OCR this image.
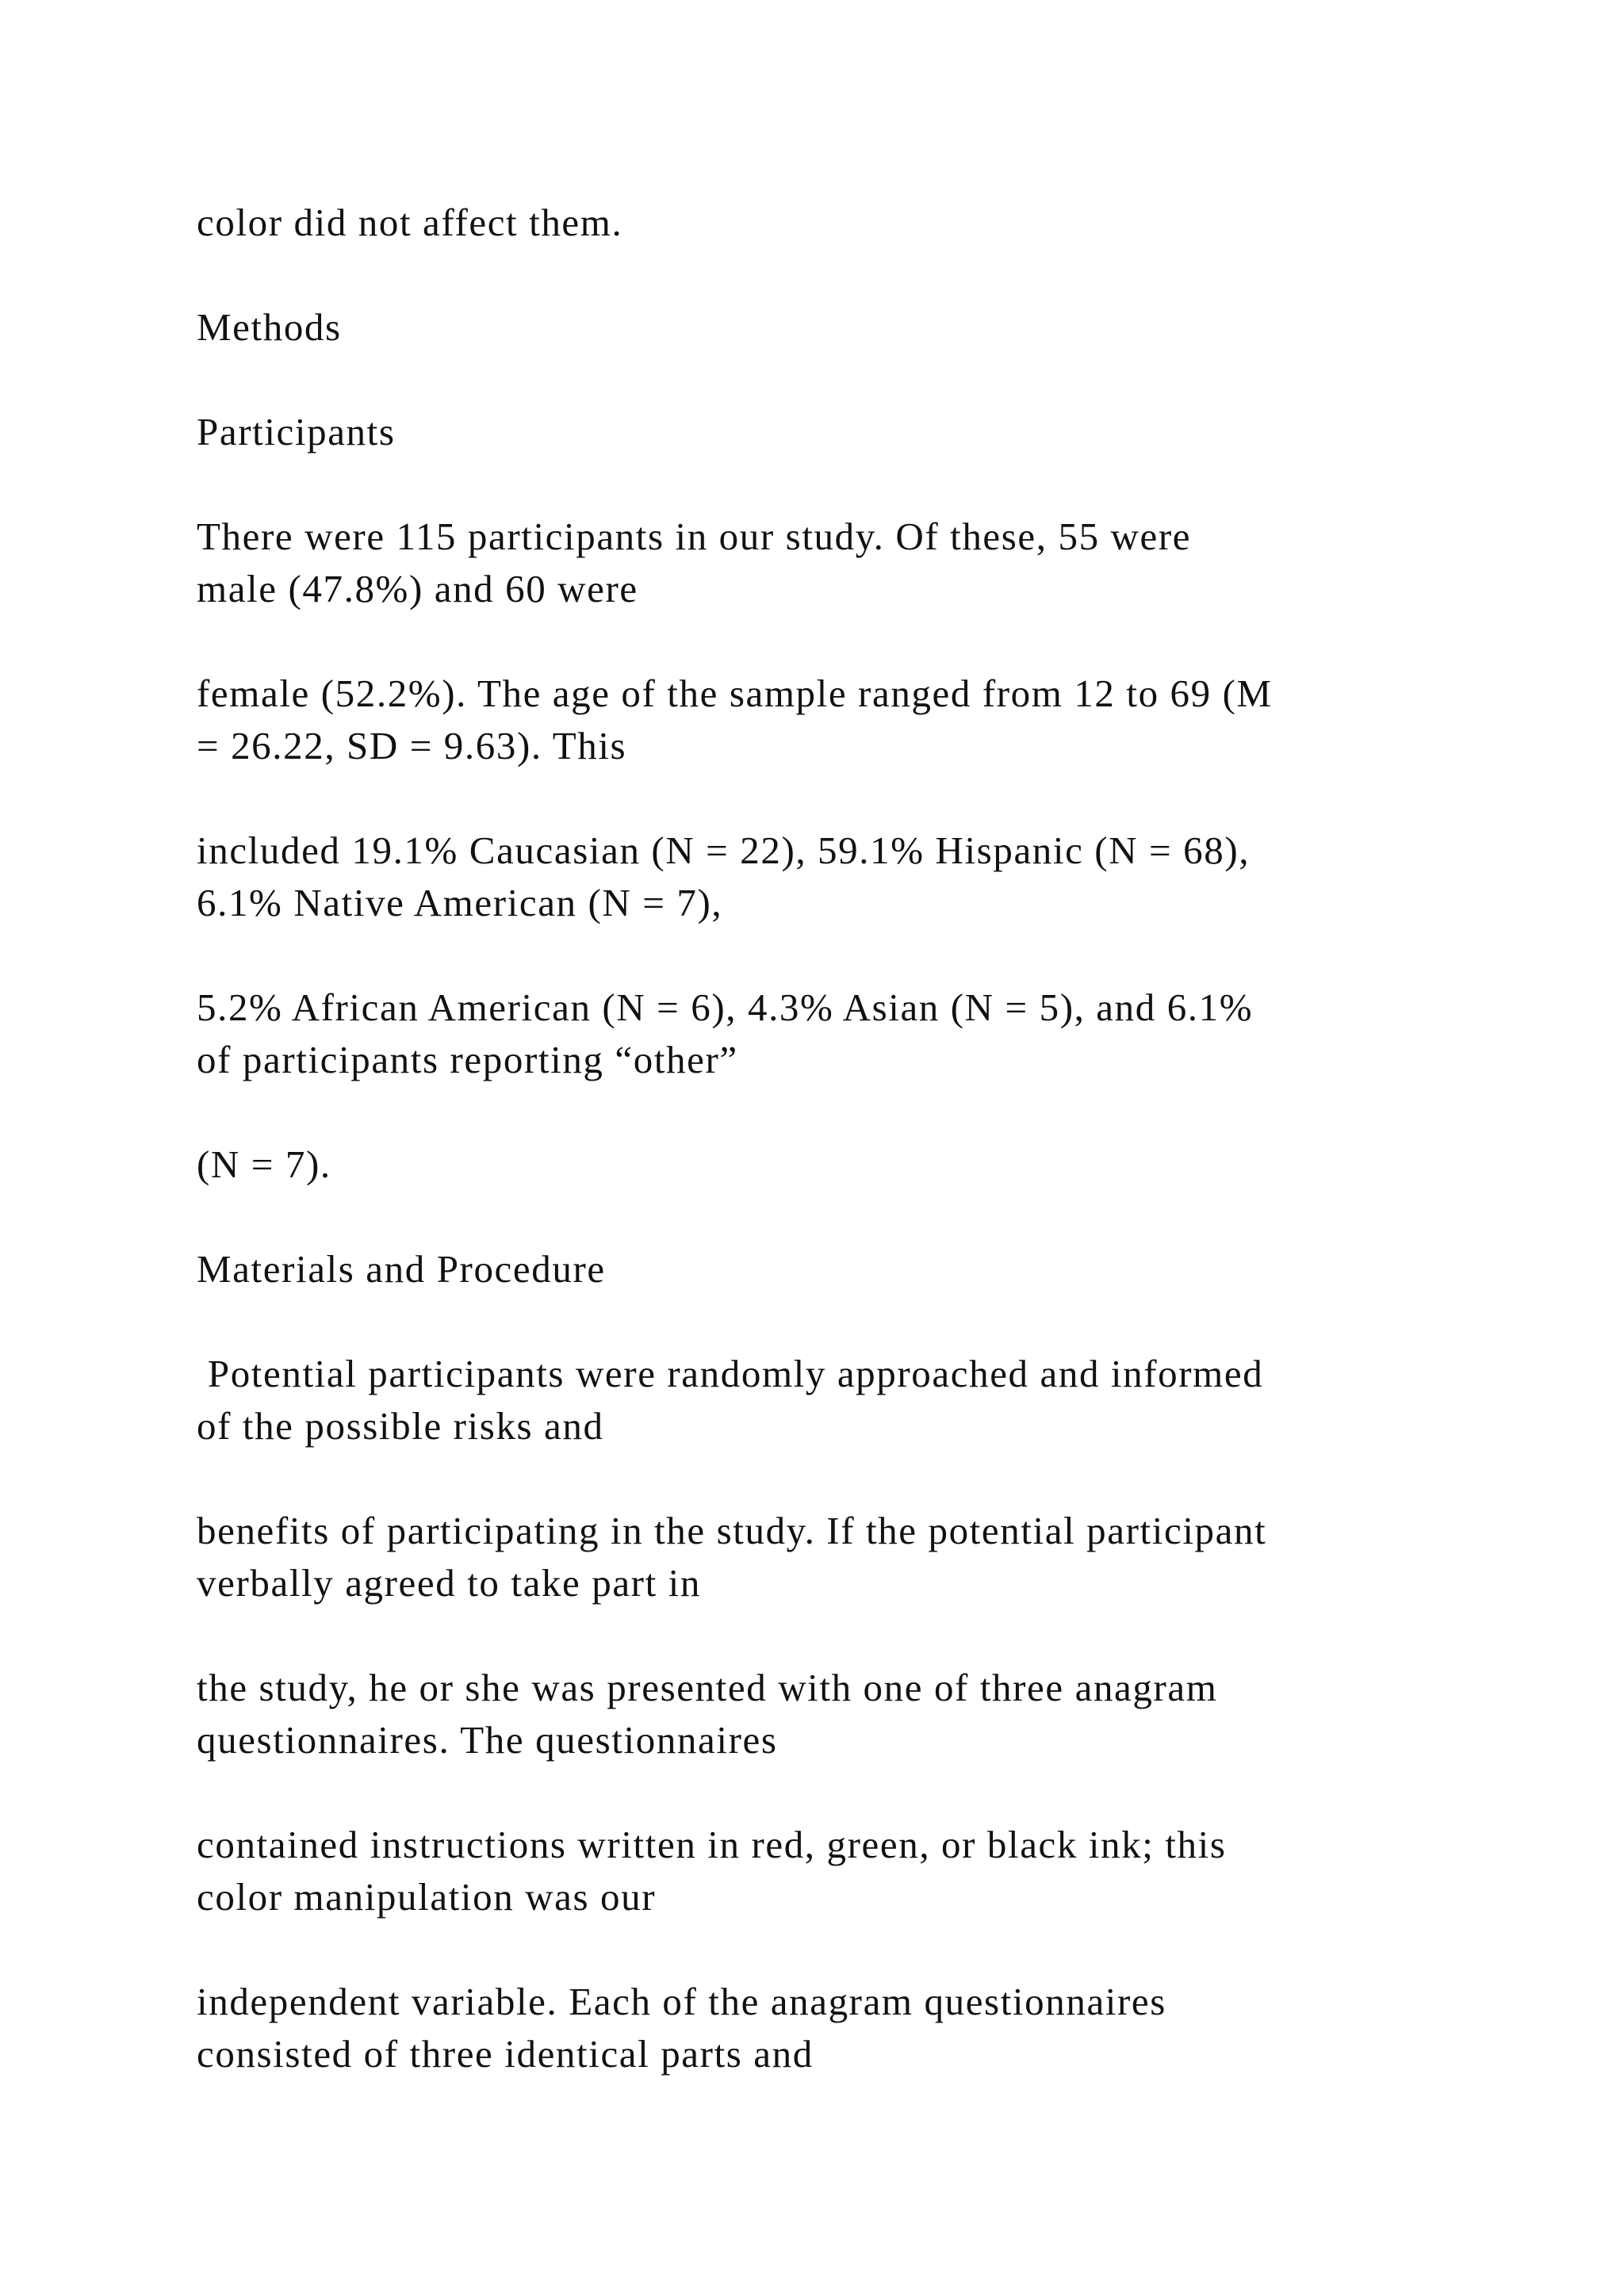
color did not affect them.

Methods

Participants

There were 115 participants in our study. Of these, 55 were

male (47.8%) and 60 were

female (52.2%). The age of the sample ranged from 12 to 69 (M

= 26.22, SD = 9.63). This

included 19.1% Caucasian (N = 22), 59.1% Hispanic (N = 68),

6.1% Native American (N = 7),

5.2% African American (N = 6), 4.3% Asian (N = 5), and 6.1%

of participants reporting “other”

(N = 7).

Materials and Procedure

Potential participants were randomly approached and informed

of the possible risks and

benefits of participating in the study. If the potential participant

verbally agreed to take part in

the study, he or she was presented with one of three anagram

questionnaires. The questionnaires

contained instructions written in red, green, or black ink; this

color manipulation was our

independent variable. Each of the anagram questionnaires

consisted of three identical parts and
